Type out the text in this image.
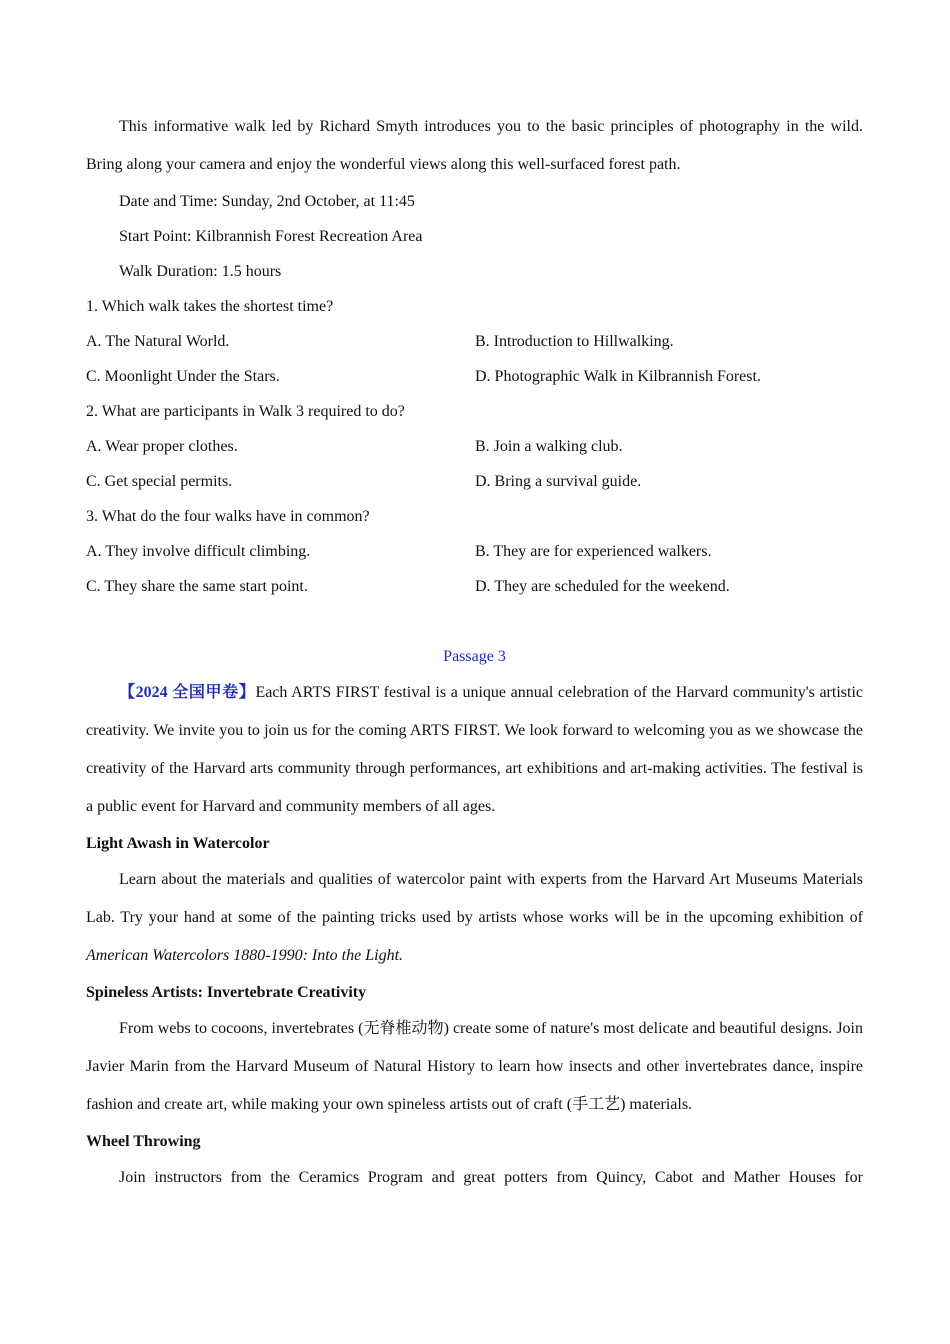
This informative walk led by Richard Smyth introduces you to the basic principles of photography in the wild. Bring along your camera and enjoy the wonderful views along this well-surfaced forest path.

Date and Time: Sunday, 2nd October, at 11:45

Start Point: Kilbrannish Forest Recreation Area

Walk Duration: 1.5 hours

1. Which walk takes the shortest time?

A. The Natural World.	B. Introduction to Hillwalking.
C. Moonlight Under the Stars.	D. Photographic Walk in Kilbrannish Forest.

2. What are participants in Walk 3 required to do?

A. Wear proper clothes.	B. Join a walking club.
C. Get special permits.	D. Bring a survival guide.

3. What do the four walks have in common?

A. They involve difficult climbing.	B. They are for experienced walkers.
C. They share the same start point.	D. They are scheduled for the weekend.
Passage 3

【2024 全国甲卷】Each ARTS FIRST festival is a unique annual celebration of the Harvard community's artistic creativity. We invite you to join us for the coming ARTS FIRST. We look forward to welcoming you as we showcase the creativity of the Harvard arts community through performances, art exhibitions and art-making activities. The festival is a public event for Harvard and community members of all ages.

Light Awash in Watercolor

Learn about the materials and qualities of watercolor paint with experts from the Harvard Art Museums Materials Lab. Try your hand at some of the painting tricks used by artists whose works will be in the upcoming exhibition of American Watercolors 1880-1990: Into the Light.

Spineless Artists: Invertebrate Creativity

From webs to cocoons, invertebrates (无脊椎动物) create some of nature's most delicate and beautiful designs. Join Javier Marin from the Harvard Museum of Natural History to learn how insects and other invertebrates dance, inspire fashion and create art, while making your own spineless artists out of craft (手工艺) materials.

Wheel Throwing

Join instructors from the Ceramics Program and great potters from Quincy, Cabot and Mather Houses for
